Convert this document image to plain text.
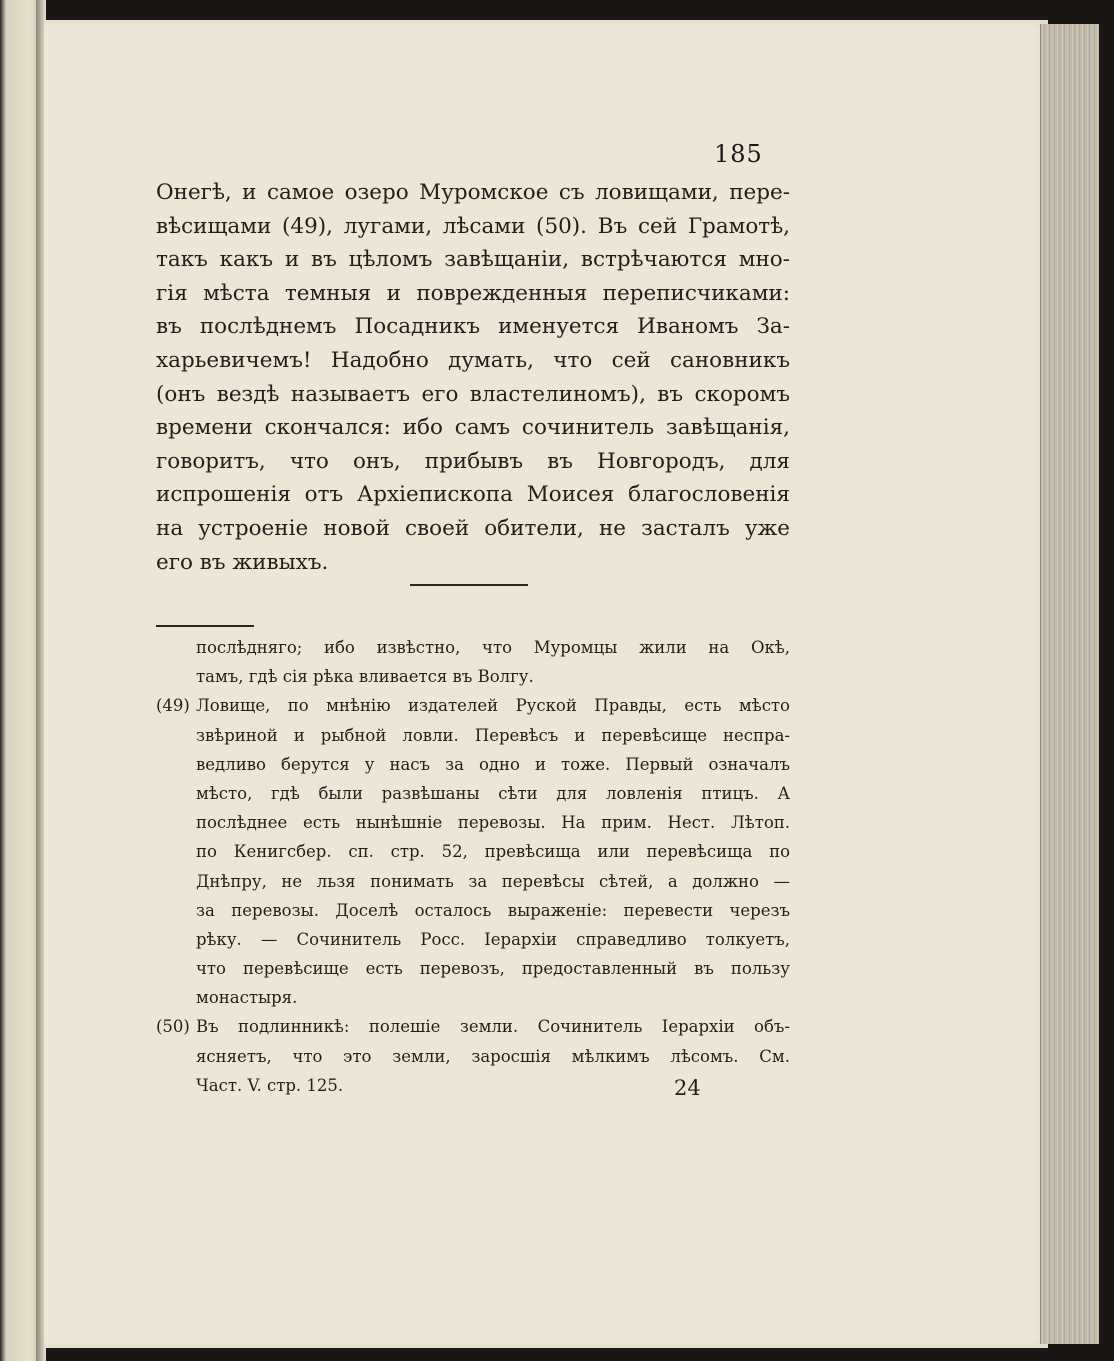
185
Онегѣ, и самое озеро Муромское съ ловищами, пере-
вѣсищами (49), лугами, лѣсами (50). Въ сей Грамотѣ,
такъ какъ и въ цѣломъ завѣщаніи, встрѣчаются мно-
гія мѣста темныя и поврежденныя переписчиками:
въ послѣднемъ Посадникъ именуется Иваномъ За-
харьевичемъ! Надобно думать, что сей сановникъ
(онъ вездѣ называетъ его властелиномъ), въ скоромъ
времени скончался: ибо самъ сочинитель завѣщанія,
говоритъ, что онъ, прибывъ въ Новгородъ, для
испрошенія отъ Архіепископа Моисея благословенія
на устроеніе новой своей обители, не засталъ уже
его въ живыхъ.
послѣдняго; ибо извѣстно, что Муромцы жили на Окѣ,
тамъ, гдѣ сія рѣка вливается въ Волгу.
(49) Ловище, по мнѣнію издателей Руской Правды, есть мѣсто
звѣриной и рыбной ловли. Перевѣсъ и перевѣсище неспра-
ведливо берутся у насъ за одно и тоже. Первый означалъ
мѣсто, гдѣ были развѣшаны сѣти для ловленія птицъ. А
послѣднее есть нынѣшніе перевозы. На прим. Нест. Лѣтоп.
по Кенигсбер. сп. стр. 52, превѣсища или перевѣсища по
Днѣпру, не льзя понимать за перевѣсы сѣтей, а должно —
за перевозы. Доселѣ осталось выраженіе: перевести черезъ
рѣку. — Сочинитель Росс. Іерархіи справедливо толкуетъ,
что перевѣсище есть перевозъ, предоставленный въ пользу
монастыря.
(50) Въ подлинникѣ: полешіе земли. Сочинитель Іерархіи объ-
ясняетъ, что это земли, заросшія мѣлкимъ лѣсомъ. См.
Част. V. стр. 125.	24
